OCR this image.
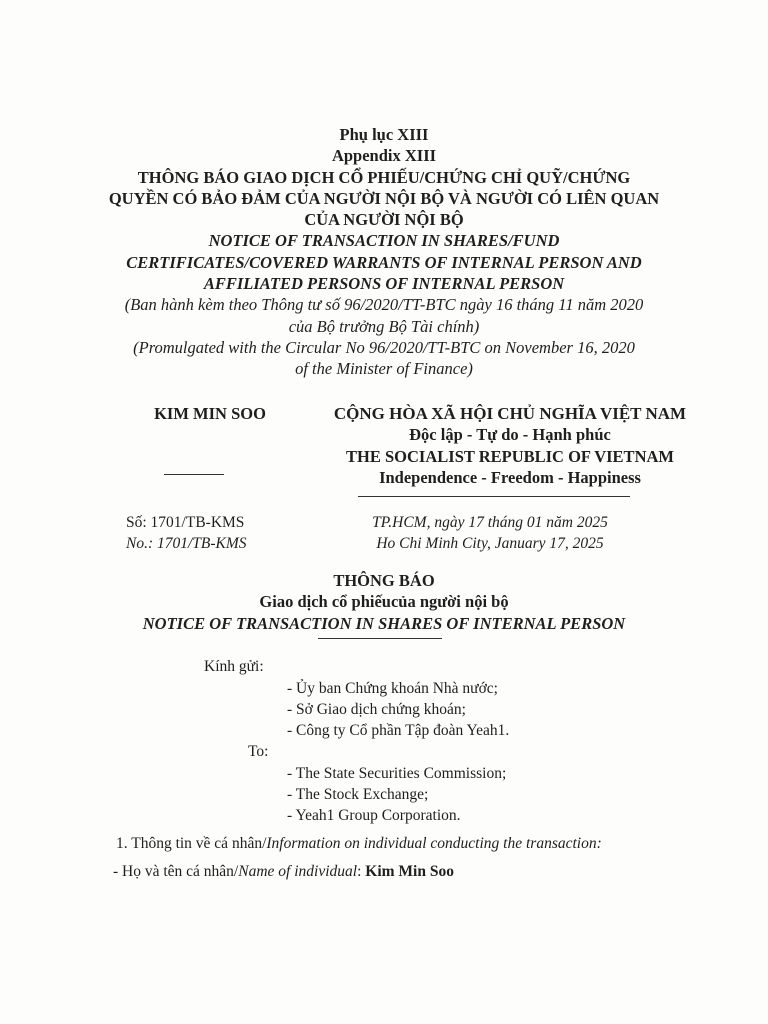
Phụ lục XIII
Appendix XIII
THÔNG BÁO GIAO DỊCH CỔ PHIẾU/CHỨNG CHỈ QUỸ/CHỨNG
QUYỀN CÓ BẢO ĐẢM CỦA NGƯỜI NỘI BỘ VÀ NGƯỜI CÓ LIÊN QUAN
CỦA NGƯỜI NỘI BỘ
NOTICE OF TRANSACTION IN SHARES/FUND
CERTIFICATES/COVERED WARRANTS OF INTERNAL PERSON AND
AFFILIATED PERSONS OF INTERNAL PERSON
(Ban hành kèm theo Thông tư số 96/2020/TT-BTC ngày 16 tháng 11 năm 2020
của Bộ trưởng Bộ Tài chính)
(Promulgated with the Circular No 96/2020/TT-BTC on November 16, 2020
of the Minister of Finance)
KIM MIN SOO	CỘNG HÒA XÃ HỘI CHỦ NGHĨA VIỆT NAM
Độc lập - Tự do - Hạnh phúc
THE SOCIALIST REPUBLIC OF VIETNAM
Independence - Freedom - Happiness
Số: 1701/TB-KMS
No.: 1701/TB-KMS
TP.HCM, ngày 17 tháng 01 năm 2025
Ho Chi Minh City, January 17, 2025
THÔNG BÁO
Giao dịch cổ phiếucủa người nội bộ
NOTICE OF TRANSACTION IN SHARES OF INTERNAL PERSON
Kính gửi:
- Ủy ban Chứng khoán Nhà nước;
- Sở Giao dịch chứng khoán;
- Công ty Cổ phần Tập đoàn Yeah1.
To:
- The State Securities Commission;
- The Stock Exchange;
- Yeah1 Group Corporation.
1. Thông tin về cá nhân/Information on individual conducting the transaction:
- Họ và tên cá nhân/Name of individual: Kim Min Soo
